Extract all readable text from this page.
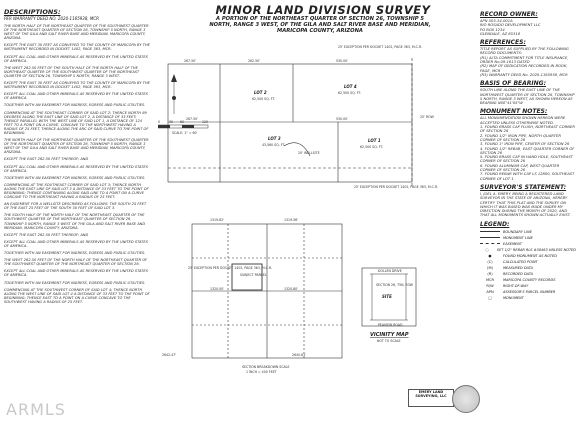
MINOR LAND DIVISION SURVEY
A PORTION OF THE NORTHEAST QUARTER OF SECTION 26, TOWNSHIP 5
NORTH, RANGE 3 WEST, OF THE GILA AND SALT RIVER BASE AND MERIDIAN,
MARICOPA COUNTY, ARIZONA
DESCRIPTIONS:
PER WARRANTY DEED NO. 2020-1165938, MCR
THE NORTH HALF OF THE NORTHEAST QUARTER OF THE SOUTHWEST QUARTER OF THE NORTHEAST QUARTER OF SECTION 26, TOWNSHIP 5 NORTH, RANGE 3 WEST OF THE GILA AND SALT RIVER BASE AND MERIDIAN, MARICOPA COUNTY, ARIZONA.
EXCEPT THE EAST 30 FEET AS CONVEYED TO THE COUNTY OF MARICOPA BY THE INSTRUMENT RECORDED IN DOCKET 1402, PAGE 363, MCR.
EXCEPT ALL COAL AND OTHER MINERALS AS RESERVED BY THE UNITED STATES OF AMERICA.
THE WEST 262.50 FEET OF THE SOUTH HALF OF THE NORTH HALF OF THE NORTHEAST QUARTER OF THE SOUTHWEST QUARTER OF THE NORTHEAST QUARTER OF SECTION 26, TOWNSHIP 5 NORTH, RANGE 3 WEST.
EXCEPT THE EAST 30 FEET AS CONVEYED TO THE COUNTY OF MARICOPA BY THE INSTRUMENT RECORDED IN DOCKET 1402, PAGE 363, MCR.
EXCEPT ALL COAL AND OTHER MINERALS AS RESERVED BY THE UNITED STATES OF AMERICA.
TOGETHER WITH AN EASEMENT FOR INGRESS, EGRESS AND PUBLIC UTILITIES.
COMMENCING AT THE SOUTHEAST CORNER OF SAID LOT 2; THENCE NORTH 89 DEGREES ALONG THE EAST LINE OF SAID LOT 2, A DISTANCE OF 33 FEET; THENCE PARALLEL WITH THE WEST LINE OF SAID LOT 1, A DISTANCE OF 124 FEET TO A POINT ON A CURVE, CONCAVE TO THE NORTHWEST HAVING A RADIUS OF 25 FEET, THENCE ALONG THE ARC OF SAID CURVE TO THE POINT OF BEGINNING.
THE NORTH HALF OF THE NORTHEAST QUARTER OF THE SOUTHWEST QUARTER OF THE NORTHEAST QUARTER OF SECTION 26, TOWNSHIP 5 NORTH, RANGE 3 WEST OF THE GILA AND SALT RIVER BASE AND MERIDIAN, MARICOPA COUNTY, ARIZONA.
EXCEPT THE EAST 262.50 FEET THEREOF; AND
EXCEPT ALL COAL AND OTHER MINERALS AS RESERVED BY THE UNITED STATES OF AMERICA.
TOGETHER WITH AN EASEMENT FOR INGRESS, EGRESS AND PUBLIC UTILITIES.
COMMENCING AT THE SOUTHEAST CORNER OF SAID LOT 3; THENCE NORTH ALONG THE EAST LINE OF SAID LOT 3 A DISTANCE OF 33 FEET TO THE POINT OF BEGINNING; THENCE CONTINUING ALONG SAID LINE TO A POINT ON A CURVE CONCAVE TO THE NORTHEAST HAVING A RADIUS OF 25 FEET.
AN EASEMENT FOR A WELLSITE DESCRIBED AS FOLLOWS: THE SOUTH 25 FEET OF THE EAST 25 FEET OF THE SOUTH 30 FEET OF SAID LOT 3.
THE SOUTH HALF OF THE NORTH HALF OF THE NORTHEAST QUARTER OF THE SOUTHWEST QUARTER OF THE NORTHEAST QUARTER OF SECTION 26, TOWNSHIP 5 NORTH, RANGE 3 WEST OF THE GILA AND SALT RIVER BASE AND MERIDIAN, MARICOPA COUNTY, ARIZONA.
EXCEPT THE EAST 262.50 FEET THEREOF; AND
EXCEPT ALL COAL AND OTHER MINERALS AS RESERVED BY THE UNITED STATES OF AMERICA.
TOGETHER WITH AN EASEMENT FOR INGRESS, EGRESS AND PUBLIC UTILITIES.
THE WEST 262.50 FEET OF THE NORTH HALF OF THE NORTHEAST QUARTER OF THE SOUTHWEST QUARTER OF THE NORTHEAST QUARTER OF SECTION 26.
EXCEPT ALL COAL AND OTHER MINERALS AS RESERVED BY THE UNITED STATES OF AMERICA.
TOGETHER WITH AN EASEMENT FOR INGRESS, EGRESS AND PUBLIC UTILITIES.
COMMENCING AT THE SOUTHWEST CORNER OF SAID LOT 4; THENCE NORTH ALONG THE WEST LINE OF SAID LOT 4 A DISTANCE OF 33 FEET TO THE POINT OF BEGINNING; THENCE EAST TO A POINT ON A CURVE CONCAVE TO THE SOUTHWEST HAVING A RADIUS OF 25 FEET.
ARMLS
LOT 2
LOT 4
LOT 3	LOT 1
62,500 SQ. FT.
62,500 SQ. FT.
43,560 SQ. FT.	62,500 SQ. FT.
267.50'	262.50'	530.00'
267.50'	530.00'
25' EXCEPTION PER DOCKET 1402, PAGE 363, M.C.R.
25' EXCEPTION PER DOCKET 1402, PAGE 363, M.C.R.
20' WELLSITE
25' ROW
0	30 60	120
SCALE: 1" = 60'
SUBJECT PARCEL
1319.82'	1319.56'
1320.00'	1320.80'
2642.47'	2640.81'
25' EXCEPTION PER DOCKET 1402, PAGE 363, M.C.R.
SECTION BREAKDOWN SCALE
1 INCH = 400 FEET
DOLLEN DRIVE
PEAVIEW ROAD
SITE
SECTION 26, T5N, R3W
VICINITY MAP
NOT TO SCALE
RECORD OWNER:
APN 503-34-001A
RIO ROSADO DEVELOPMENT LLC
PO BOX 1234
GLENDALE, AZ 85318
REFERENCES:
TITLE REPORT AS SUPPLIED BY THE FOLLOWING RECORD DOCUMENTS:
(R1) ALTA COMMITMENT FOR TITLE INSURANCE, ORDER No.09-1613 DATED
(R2) MAP OF DEDICATION RECORDED IN BOOK, PAGE, MCR
(R3) WARRANTY DEED No. 2020-1165938, MCR
BASIS OF BEARING:
SOUTH LINE ALONG THE EAST LINE OF THE NORTHWEST QUARTER OF SECTION 26, TOWNSHIP 5 NORTH, RANGE 3 WEST, AS SHOWN HEREON AS BEARING N00°41'05"W
MONUMENT NOTES:
ALL MONUMENTATION SHOWN HEREON WERE ACCEPTED UNLESS OTHERWISE NOTED.
1. FOUND BRASS CAP FLUSH, NORTHEAST CORNER OF SECTION 26
2. FOUND 1/2" IRON PIPE, NORTH QUARTER CORNER OF SECTION 26
3. FOUND 1" IRON PIPE, CENTER OF SECTION 26
4. FOUND 1/2" REBAR, EAST QUARTER CORNER OF SECTION 26
5. FOUND BRASS CAP IN HAND HOLE, SOUTHEAST CORNER OF SECTION 26
6. FOUND ALUMINUM CAP, WEST QUARTER CORNER OF SECTION 26
7. FOUND REBAR WITH CAP LS 12800, SOUTHEAST CORNER OF LOT 1
SURVEYOR'S STATEMENT:
I, JOEL A. EMERY, BEING A REGISTERED LAND SURVEYOR IN THE STATE OF ARIZONA, HEREBY CERTIFY THAT THIS PLAT AND THE SURVEY ON WHICH IT WAS BASED WAS MADE UNDER MY DIRECTION DURING THE MONTH OF 2020, AND THAT ALL MONUMENTS SHOWN ACTUALLY EXIST.
LEGEND:
BOUNDARY LINE
MONUMENT LINE
EASEMENT
○	SET 1/2" REBAR RLS #38463 UNLESS NOTED
●	FOUND MONUMENT AS NOTED
(C)	CALCULATED POINT
(M)	MEASURED DATA
(R)	RECORDED DATA
MCR	MARICOPA COUNTY RECORDS
R/W	RIGHT-OF-WAY
APN	ASSESSOR'S PARCEL NUMBER
□	MONUMENT
EMERY LAND SURVEYING, LLC
